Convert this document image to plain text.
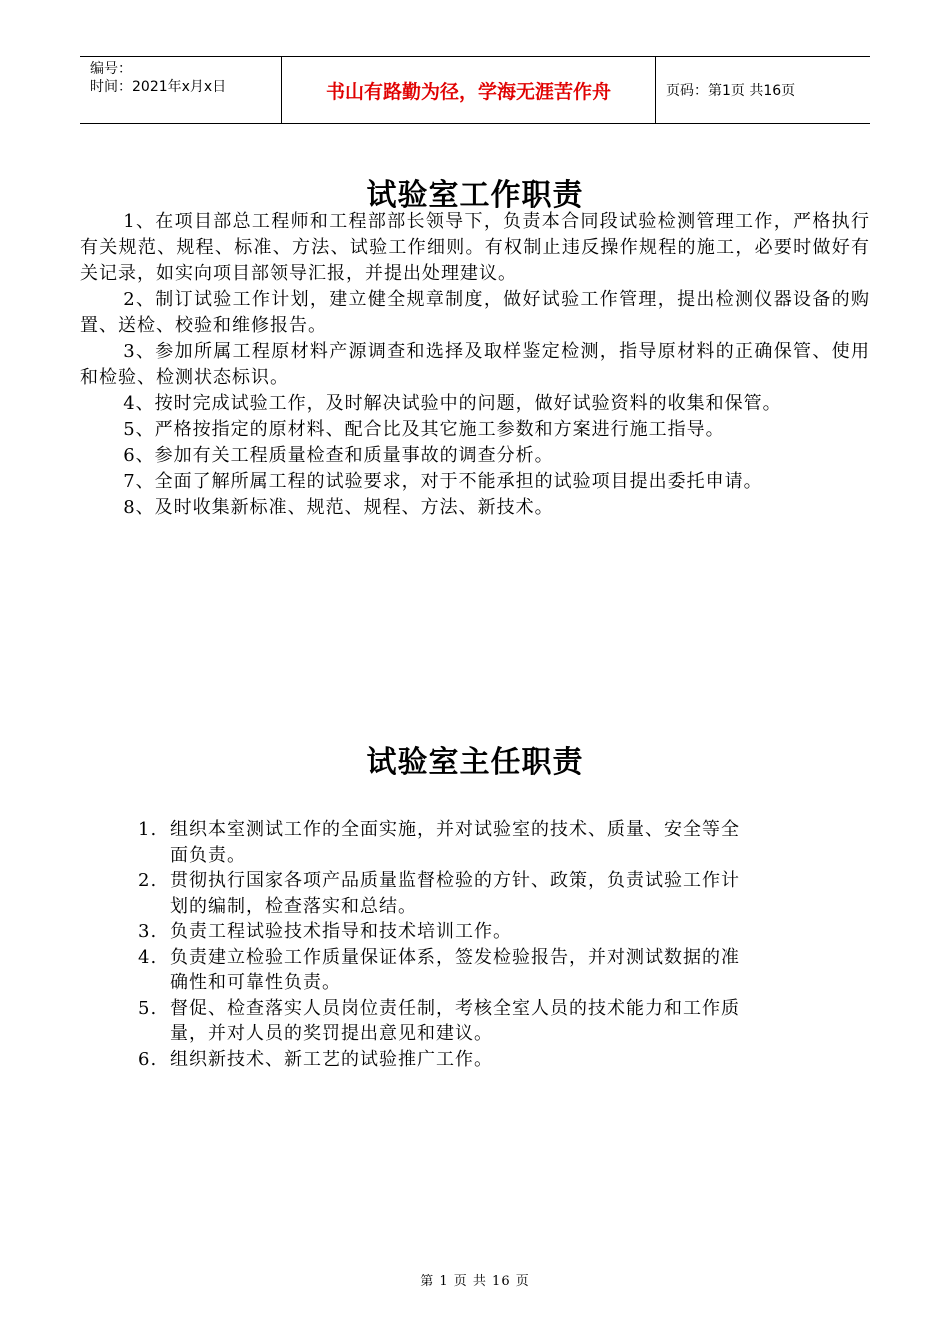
编号：
时间：2021年x月x日	书山有路勤为径，学海无涯苦作舟	页码：第1页 共16页
试验室工作职责

1、在项目部总工程师和工程部部长领导下，负责本合同段试验检测管理工作，严格执行有关规范、规程、标准、方法、试验工作细则。有权制止违反操作规程的施工，必要时做好有关记录，如实向项目部领导汇报，并提出处理建议。

2、制订试验工作计划，建立健全规章制度，做好试验工作管理，提出检测仪器设备的购置、送检、校验和维修报告。

3、参加所属工程原材料产源调查和选择及取样鉴定检测，指导原材料的正确保管、使用和检验、检测状态标识。

4、按时完成试验工作，及时解决试验中的问题，做好试验资料的收集和保管。

5、严格按指定的原材料、配合比及其它施工参数和方案进行施工指导。

6、参加有关工程质量检查和质量事故的调查分析。

7、全面了解所属工程的试验要求，对于不能承担的试验项目提出委托申请。

8、及时收集新标准、规范、规程、方法、新技术。

试验室主任职责
1. 组织本室测试工作的全面实施，并对试验室的技术、质量、安全等全面负责。
2. 贯彻执行国家各项产品质量监督检验的方针、政策，负责试验工作计划的编制，检查落实和总结。
3. 负责工程试验技术指导和技术培训工作。
4. 负责建立检验工作质量保证体系，签发检验报告，并对测试数据的准确性和可靠性负责。
5. 督促、检查落实人员岗位责任制，考核全室人员的技术能力和工作质量，并对人员的奖罚提出意见和建议。
6. 组织新技术、新工艺的试验推广工作。
第 1 页 共 16 页
